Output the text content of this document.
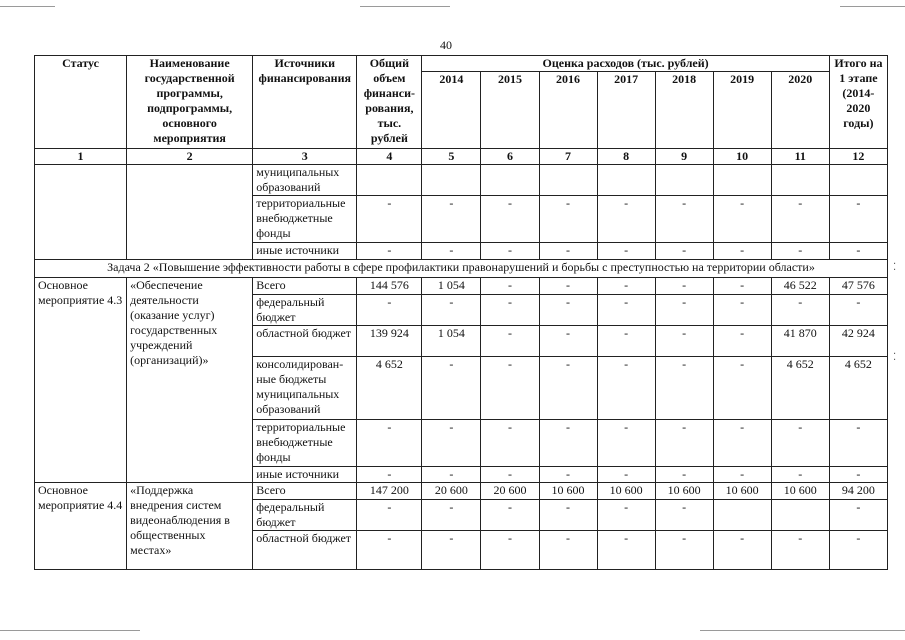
40
Статус	Наименование государственной программы, подпрограммы, основного мероприятия	Источники финансирования	Общий объем финанси-рования, тыс. рублей	Оценка расходов (тыс. рублей)							Итого на 1 этапе (2014-2020 годы)
				2014	2015	2016	2017	2018	2019	2020	
1	2	3	4	5	6	7	8	9	10	11	12
		муниципальных образований									
		территориальные внебюджетные фонды	-	-	-	-	-	-	-	-	-
		иные источники	-	-	-	-	-	-	-	-	-
Задача 2 «Повышение эффективности работы в сфере профилактики правонарушений и борьбы с преступностью на территории области»											
Основное мероприятие 4.3	«Обеспечение деятельности (оказание услуг) государственных учреждений (организаций)»	Всего	144 576	1 054	-	-	-	-	-	46 522	47 576
		федеральный бюджет	-	-	-	-	-	-	-	-	-
		областной бюджет	139 924	1 054	-	-	-	-	-	41 870	42 924
		консолидирован-ные бюджеты муниципальных образований	4 652	-	-	-	-	-	-	4 652	4 652
		территориальные внебюджетные фонды	-	-	-	-	-	-	-	-	-
		иные источники	-	-	-	-	-	-	-	-	-
Основное мероприятие 4.4	«Поддержка внедрения систем видеонаблюдения в общественных местах»	Всего	147 200	20 600	20 600	10 600	10 600	10 600	10 600	10 600	94 200
		федеральный бюджет	-	-	-	-	-	-			-
		областной бюджет	-	-	-	-	-	-	-	-	-
⁚
⁚
